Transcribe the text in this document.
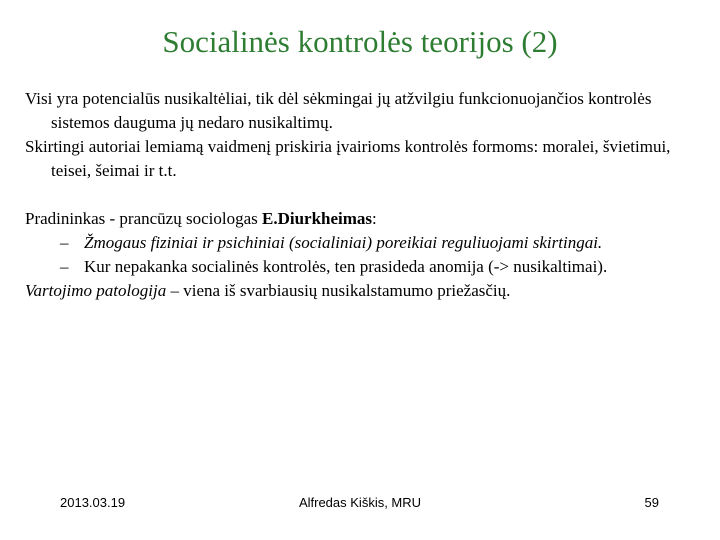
Socialinės kontrolės teorijos (2)

Visi yra potencialūs nusikaltėliai, tik dėl sėkmingai jų atžvilgiu funkcionuojančios kontrolės sistemos dauguma jų nedaro nusikaltimų.

Skirtingi autoriai lemiamą vaidmenį priskiria įvairioms kontrolės formoms: moralei, švietimui, teisei, šeimai ir t.t.

Pradininkas - prancūzų sociologas E.Diurkheimas:

– Žmogaus fiziniai ir psichiniai (socialiniai) poreikiai reguliuojami skirtingai.

– Kur nepakanka socialinės kontrolės, ten prasideda anomija (-> nusikaltimai).

Vartojimo patologija – viena iš svarbiausių nusikalstamumo priežasčių.

2013.03.19	Alfredas Kiškis, MRU	59
